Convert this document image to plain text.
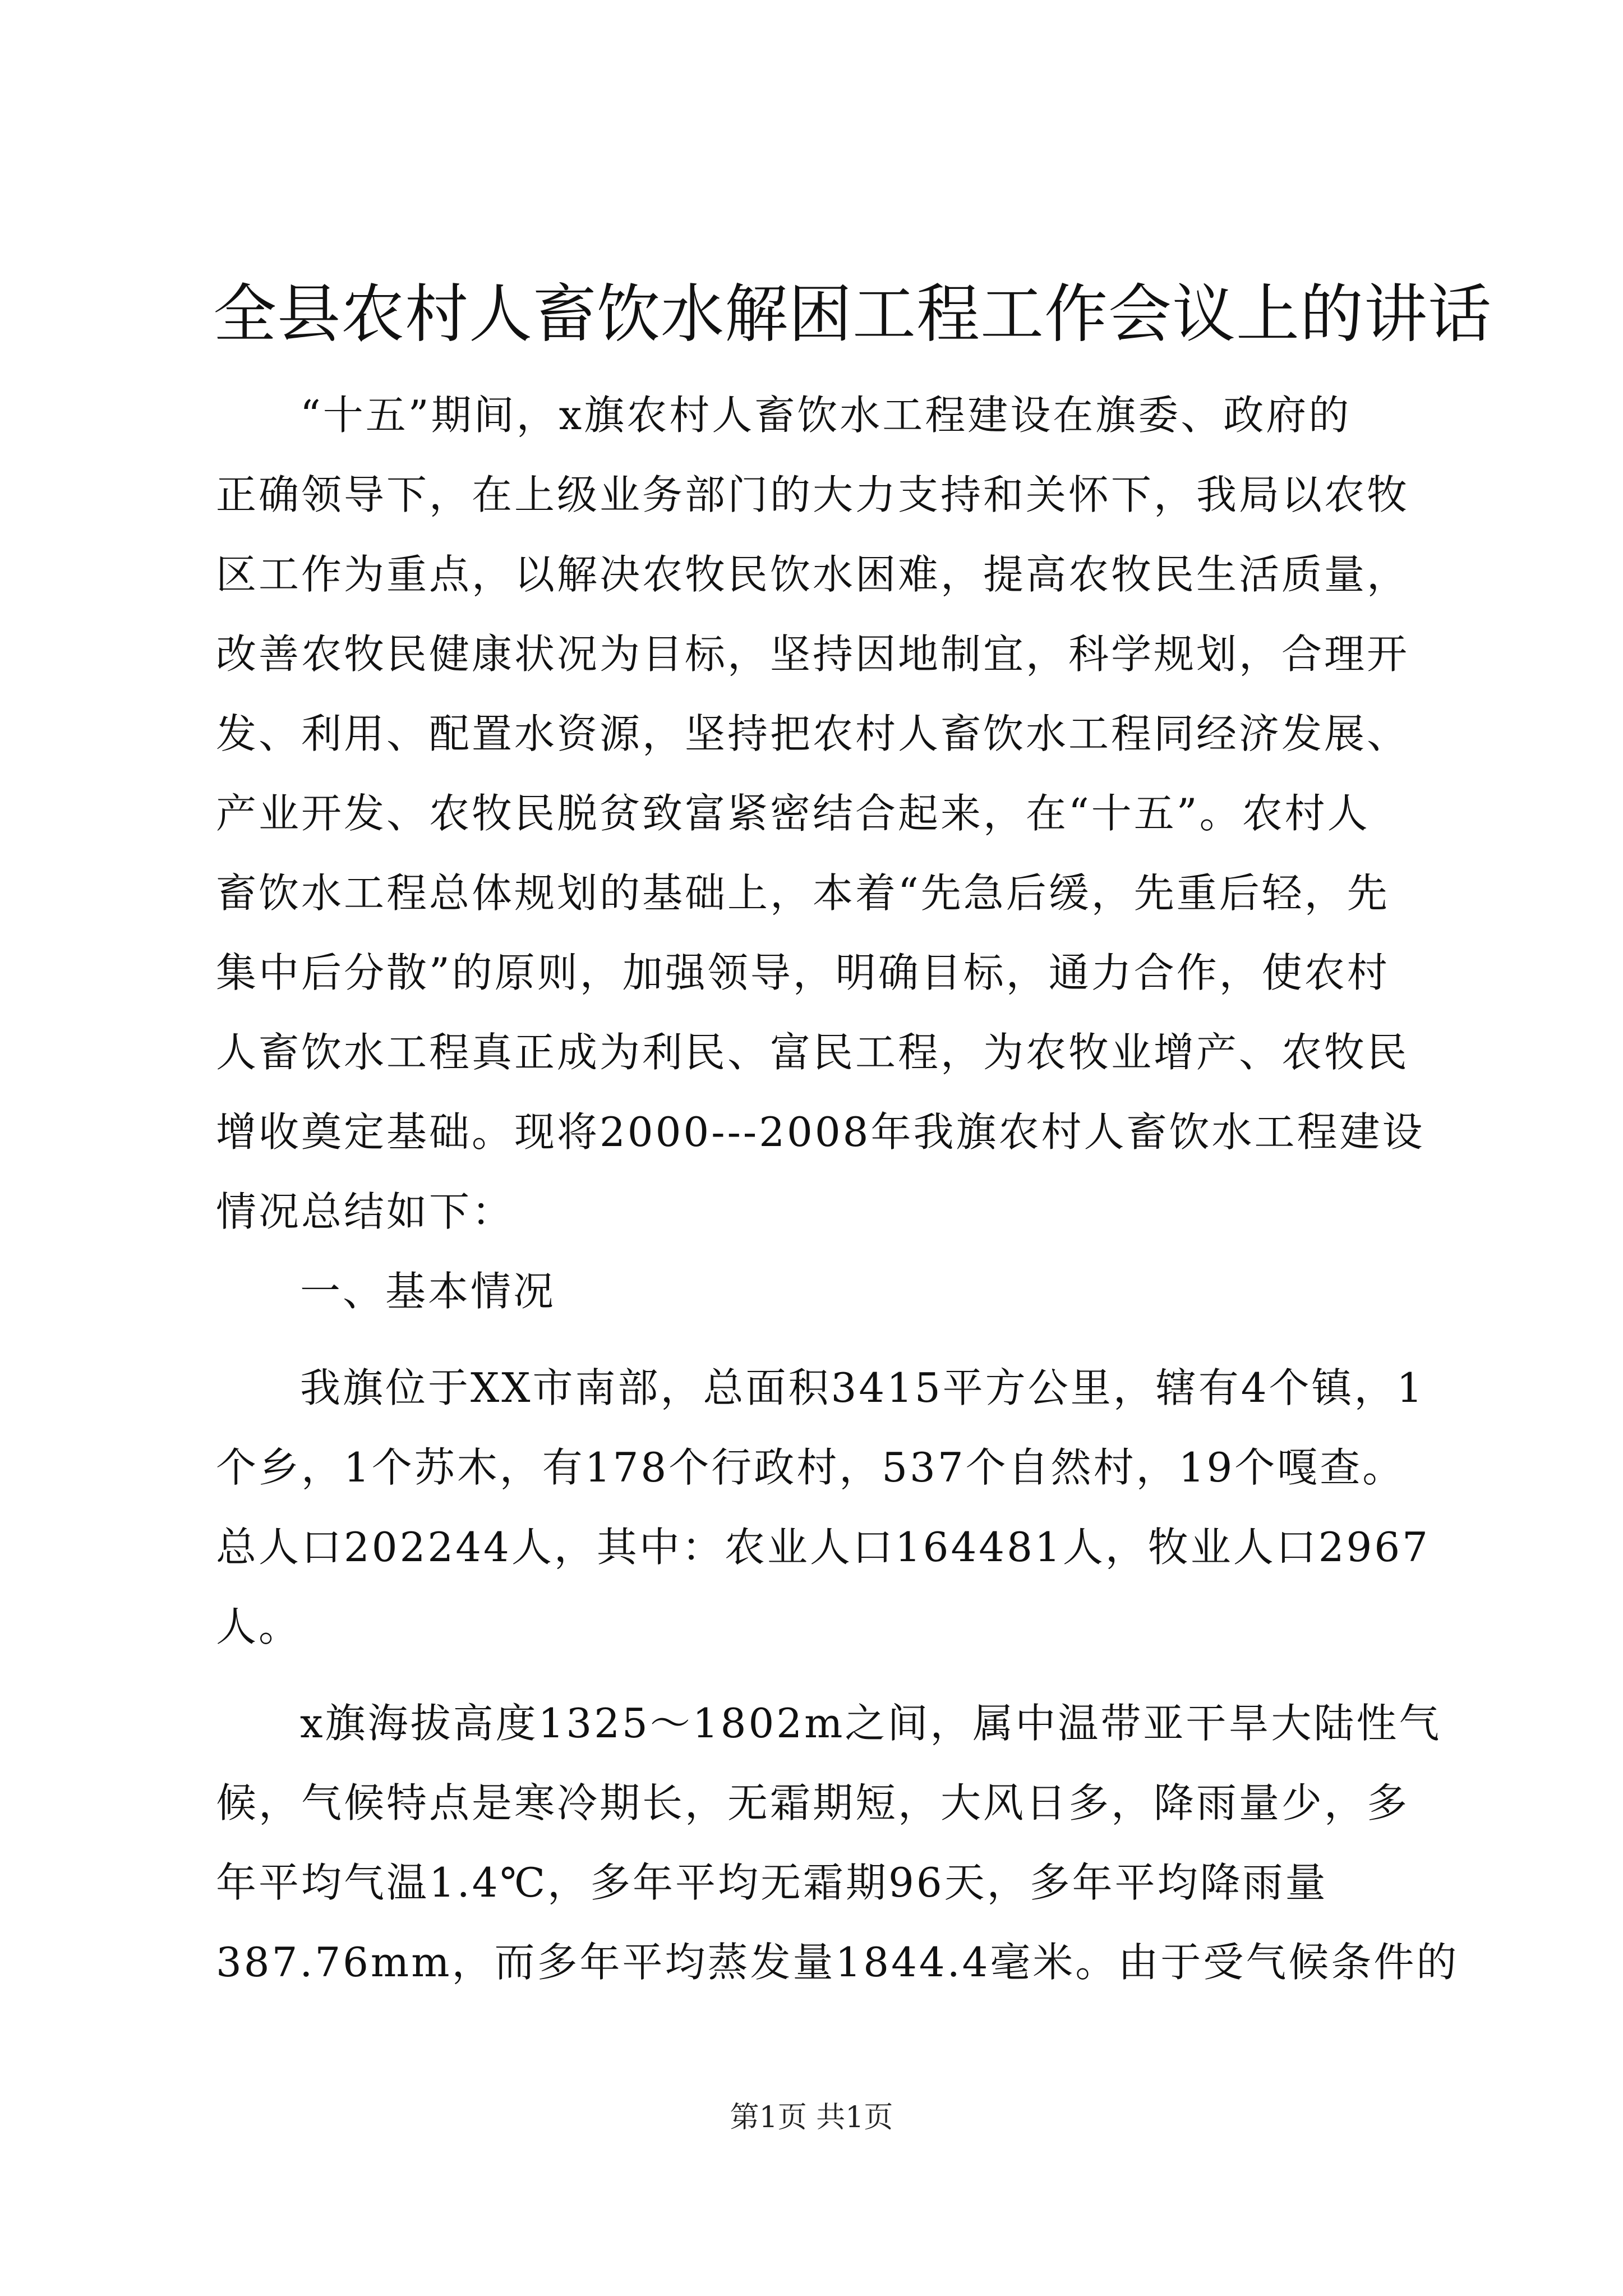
全县农村人畜饮水解困工程工作会议上的讲话

“十五”期间，x旗农村人畜饮水工程建设在旗委、政府的

正确领导下，在上级业务部门的大力支持和关怀下，我局以农牧

区工作为重点，以解决农牧民饮水困难，提高农牧民生活质量，

改善农牧民健康状况为目标，坚持因地制宜，科学规划，合理开

发、利用、配置水资源，坚持把农村人畜饮水工程同经济发展、

产业开发、农牧民脱贫致富紧密结合起来，在“十五”。农村人

畜饮水工程总体规划的基础上，本着“先急后缓，先重后轻，先

集中后分散”的原则，加强领导，明确目标，通力合作，使农村

人畜饮水工程真正成为利民、富民工程，为农牧业增产、农牧民

增收奠定基础。现将2000---2008年我旗农村人畜饮水工程建设

情况总结如下：

一、基本情况

我旗位于XX市南部，总面积3415平方公里，辖有4个镇，1

个乡，1个苏木，有178个行政村，537个自然村，19个嘎查。

总人口202244人，其中：农业人口164481人，牧业人口2967

人。

x旗海拔高度1325～1802m之间，属中温带亚干旱大陆性气

候，气候特点是寒冷期长，无霜期短，大风日多，降雨量少，多

年平均气温1.4℃，多年平均无霜期96天，多年平均降雨量

387.76mm，而多年平均蒸发量1844.4毫米。由于受气候条件的

第1页 共1页
